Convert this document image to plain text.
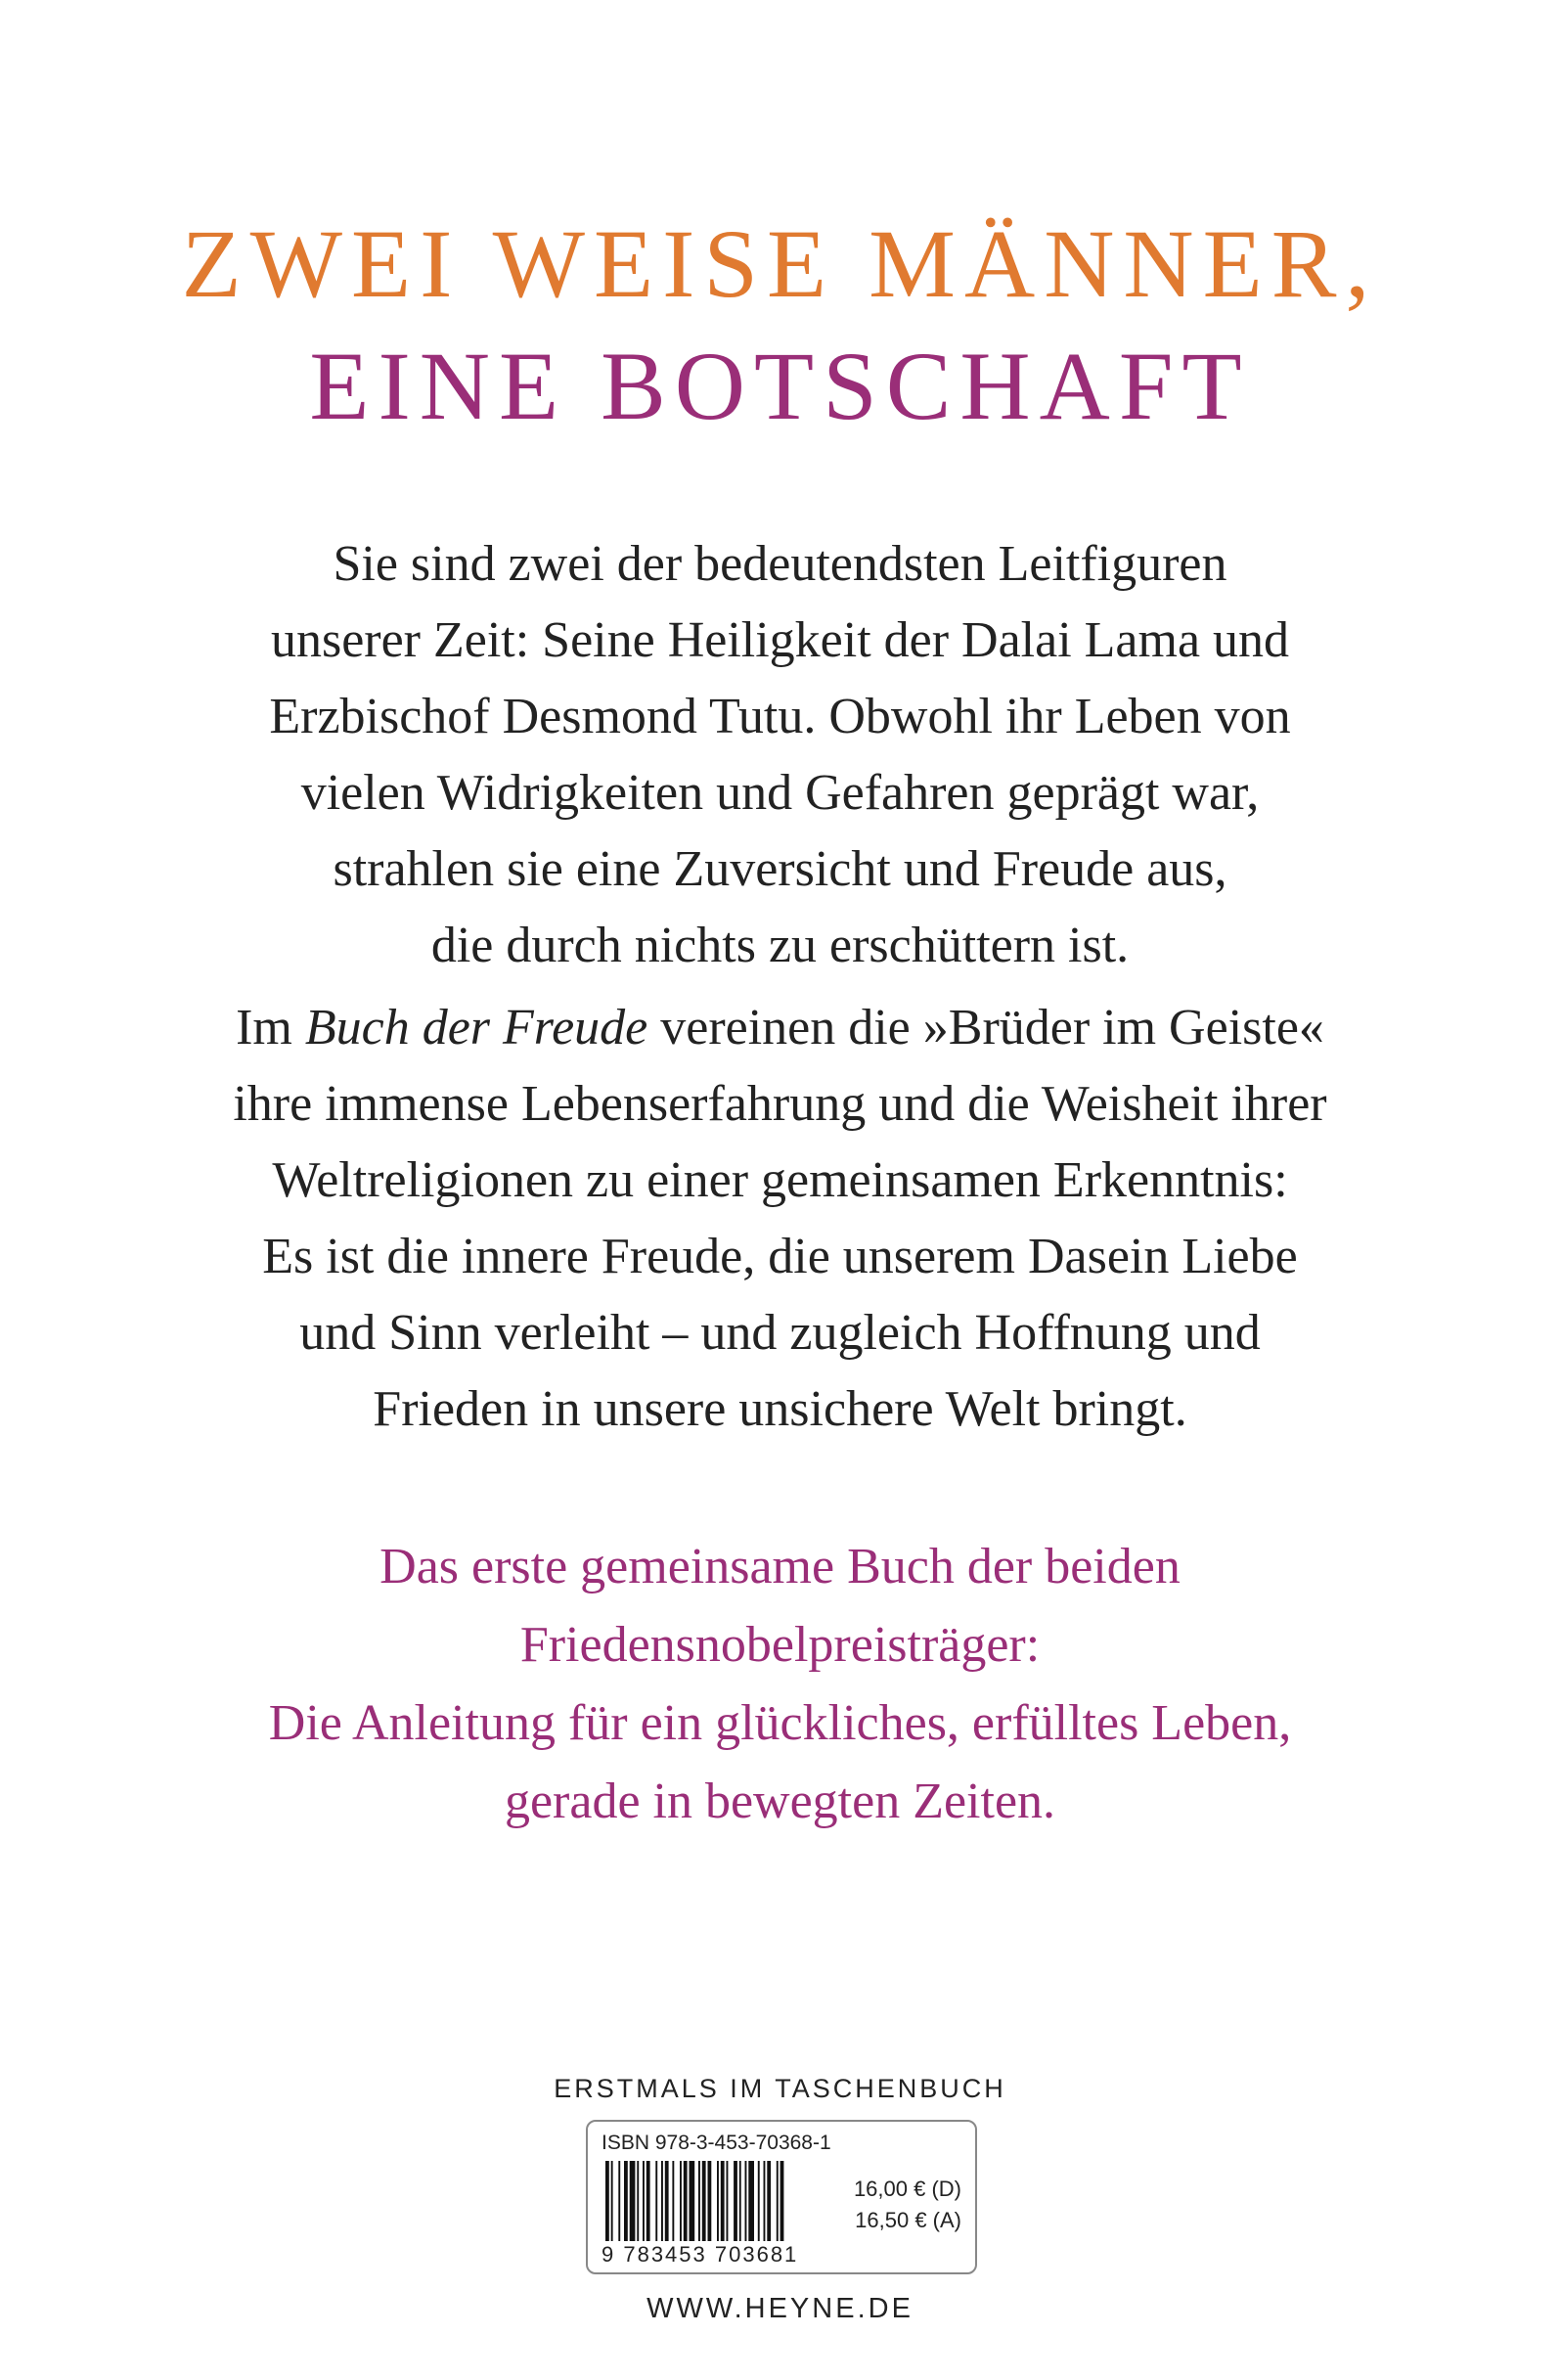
ZWEI WEISE MÄNNER,
EINE BOTSCHAFT

Sie sind zwei der bedeutendsten Leitfiguren
unserer Zeit: Seine Heiligkeit der Dalai Lama und
Erzbischof Desmond Tutu. Obwohl ihr Leben von
vielen Widrigkeiten und Gefahren geprägt war,
strahlen sie eine Zuversicht und Freude aus,
die durch nichts zu erschüttern ist.

Im Buch der Freude vereinen die »Brüder im Geiste«
ihre immense Lebenserfahrung und die Weisheit ihrer
Weltreligionen zu einer gemeinsamen Erkenntnis:
Es ist die innere Freude, die unserem Dasein Liebe
und Sinn verleiht – und zugleich Hoffnung und
Frieden in unsere unsichere Welt bringt.

Das erste gemeinsame Buch der beiden
Friedensnobelpreisträger:
Die Anleitung für ein glückliches, erfülltes Leben,
gerade in bewegten Zeiten.

ERSTMALS IM TASCHENBUCH
ISBN 978-3-453-70368-1
9 783453 703681
16,00 € (D)
16,50 € (A)
WWW.HEYNE.DE
